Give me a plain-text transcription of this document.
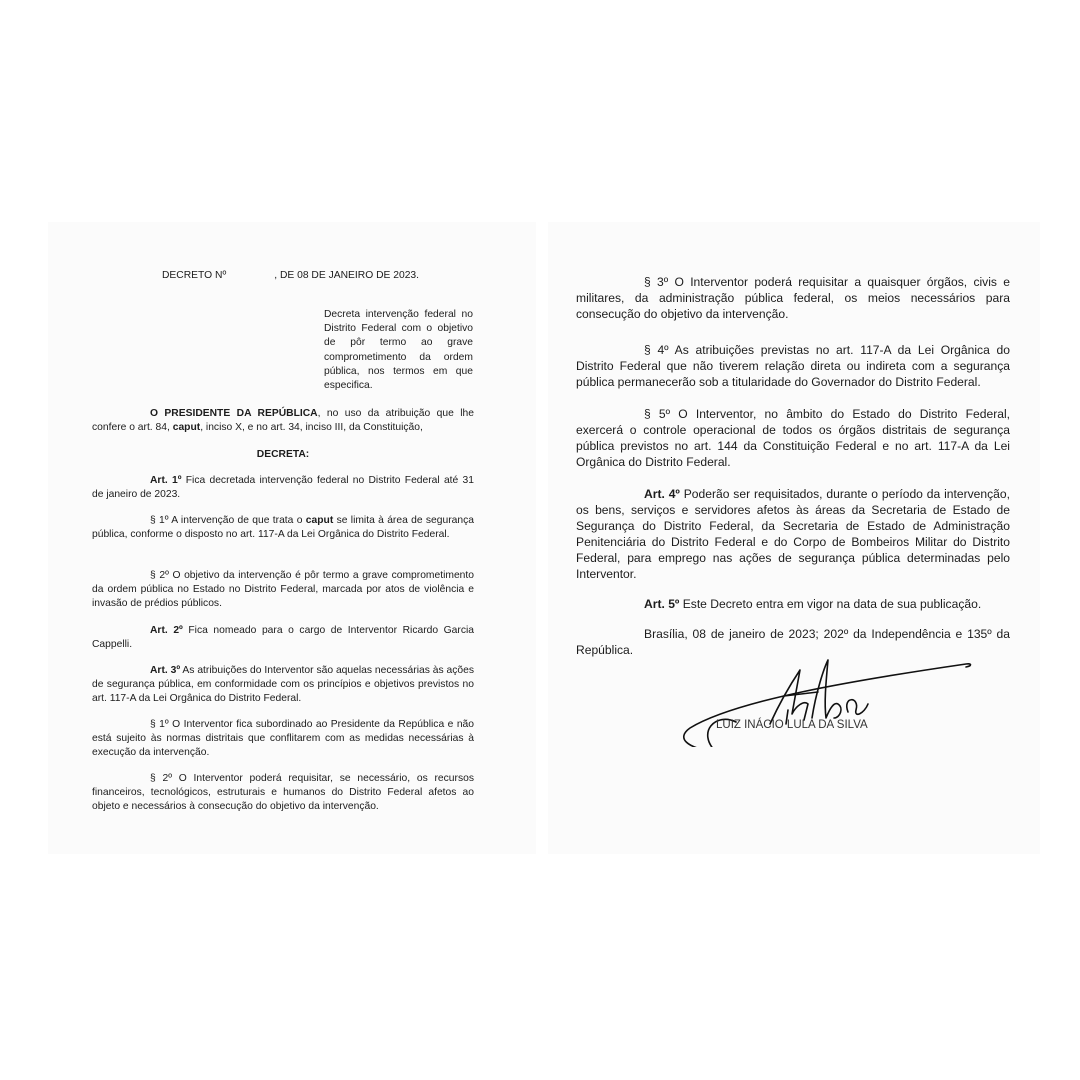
DECRETO Nº	, DE 08 DE JANEIRO DE 2023.

Decreta intervenção federal no Distrito Federal com o objetivo de pôr termo ao grave comprometimento da ordem pública, nos termos em que especifica.

O PRESIDENTE DA REPÚBLICA, no uso da atribuição que lhe confere o art. 84, caput, inciso X, e no art. 34, inciso III, da Constituição,

DECRETA:

Art. 1º Fica decretada intervenção federal no Distrito Federal até 31 de janeiro de 2023.

§ 1º A intervenção de que trata o caput se limita à área de segurança pública, conforme o disposto no art. 117-A da Lei Orgânica do Distrito Federal.

§ 2º O objetivo da intervenção é pôr termo a grave comprometimento da ordem pública no Estado no Distrito Federal, marcada por atos de violência e invasão de prédios públicos.

Art. 2º Fica nomeado para o cargo de Interventor Ricardo Garcia Cappelli.

Art. 3º As atribuições do Interventor são aquelas necessárias às ações de segurança pública, em conformidade com os princípios e objetivos previstos no art. 117-A da Lei Orgânica do Distrito Federal.

§ 1º O Interventor fica subordinado ao Presidente da República e não está sujeito às normas distritais que conflitarem com as medidas necessárias à execução da intervenção.

§ 2º O Interventor poderá requisitar, se necessário, os recursos financeiros, tecnológicos, estruturais e humanos do Distrito Federal afetos ao objeto e necessários à consecução do objetivo da intervenção.

§ 3º O Interventor poderá requisitar a quaisquer órgãos, civis e militares, da administração pública federal, os meios necessários para consecução do objetivo da intervenção.

§ 4º As atribuições previstas no art. 117-A da Lei Orgânica do Distrito Federal que não tiverem relação direta ou indireta com a segurança pública permanecerão sob a titularidade do Governador do Distrito Federal.

§ 5º O Interventor, no âmbito do Estado do Distrito Federal, exercerá o controle operacional de todos os órgãos distritais de segurança pública previstos no art. 144 da Constituição Federal e no art. 117-A da Lei Orgânica do Distrito Federal.

Art. 4º Poderão ser requisitados, durante o período da intervenção, os bens, serviços e servidores afetos às áreas da Secretaria de Estado de Segurança do Distrito Federal, da Secretaria de Estado de Administração Penitenciária do Distrito Federal e do Corpo de Bombeiros Militar do Distrito Federal, para emprego nas ações de segurança pública determinadas pelo Interventor.

Art. 5º Este Decreto entra em vigor na data de sua publicação.

Brasília, 08 de janeiro de 2023; 202º da Independência e 135º da República.

LUIZ INÁCIO LULA DA SILVA
